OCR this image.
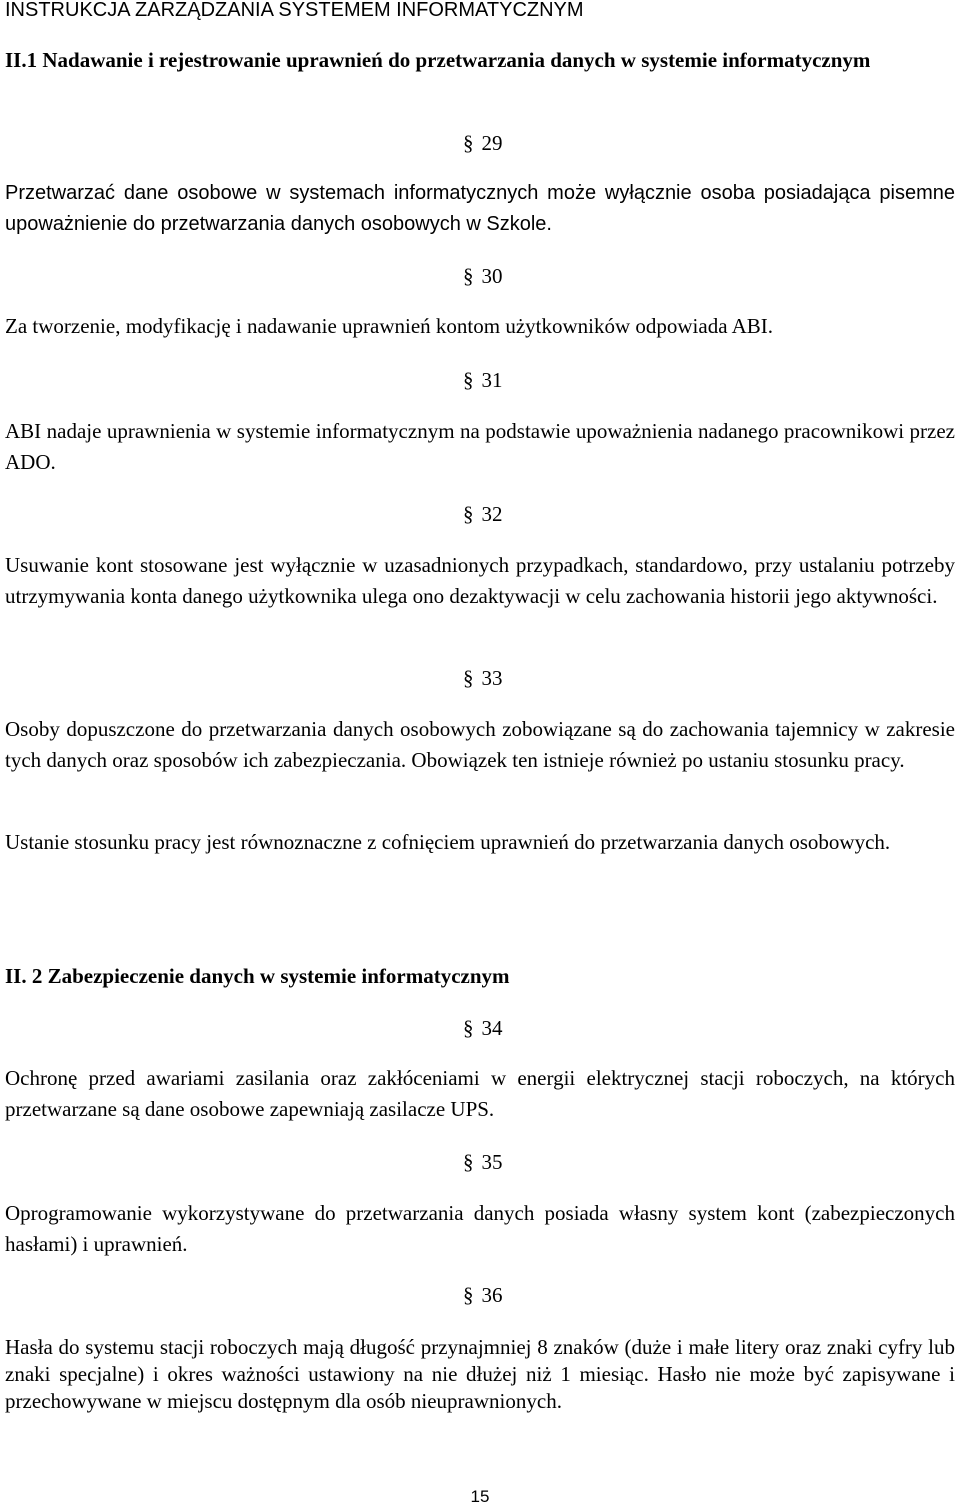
INSTRUKCJA ZARZĄDZANIA SYSTEMEM INFORMATYCZNYM
II.1 Nadawanie i rejestrowanie uprawnień do przetwarzania danych w systemie informatycznym
§ 29
Przetwarzać dane osobowe w systemach informatycznych może wyłącznie osoba posiadająca pisemne upoważnienie do przetwarzania danych osobowych w Szkole.
§ 30
Za tworzenie, modyfikację i nadawanie uprawnień kontom użytkowników odpowiada ABI.
§ 31
ABI nadaje uprawnienia w systemie informatycznym na podstawie upoważnienia nadanego pracownikowi przez ADO.
§ 32
Usuwanie kont stosowane jest wyłącznie w uzasadnionych przypadkach, standardowo, przy ustalaniu potrzeby utrzymywania konta danego użytkownika ulega ono dezaktywacji w celu zachowania historii jego aktywności.
§ 33
Osoby dopuszczone do przetwarzania danych osobowych zobowiązane są do zachowania tajemnicy w zakresie tych danych oraz sposobów ich zabezpieczania. Obowiązek ten istnieje również po ustaniu stosunku pracy.
Ustanie stosunku pracy jest równoznaczne z cofnięciem uprawnień do przetwarzania danych osobowych.
II. 2 Zabezpieczenie danych w systemie informatycznym
§ 34
Ochronę przed awariami zasilania oraz zakłóceniami w energii elektrycznej stacji roboczych, na których przetwarzane są dane osobowe zapewniają zasilacze UPS.
§ 35
Oprogramowanie wykorzystywane do przetwarzania danych posiada własny system kont (zabezpieczonych hasłami) i uprawnień.
§ 36
Hasła do systemu stacji roboczych mają długość przynajmniej 8 znaków (duże i małe litery oraz znaki cyfry lub znaki specjalne) i okres ważności ustawiony na nie dłużej niż 1 miesiąc. Hasło nie może być zapisywane i przechowywane w miejscu dostępnym dla osób nieuprawnionych.
15
